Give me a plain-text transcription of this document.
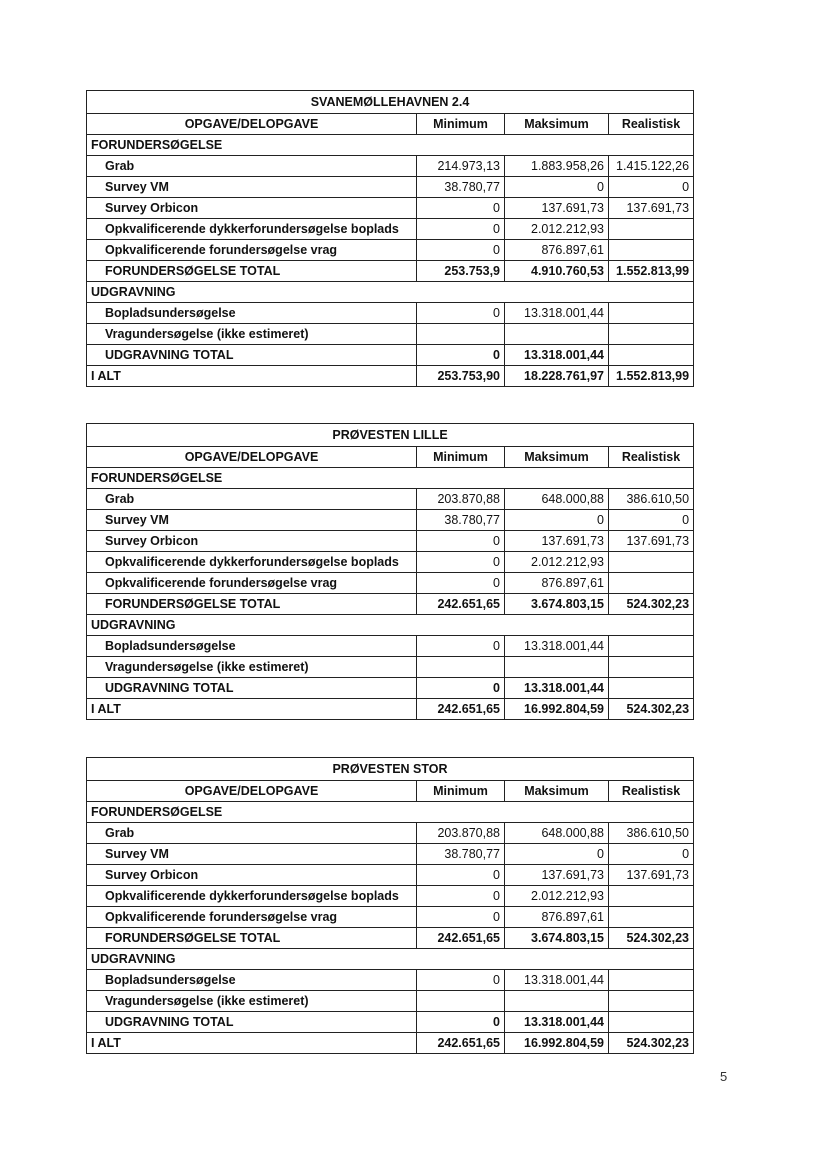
SVANEMØLLEHAVNEN 2.4			
OPGAVE/DELOPGAVE	Minimum	Maksimum	Realistisk
FORUNDERSØGELSE			
Grab	214.973,13	1.883.958,26	1.415.122,26
Survey VM	38.780,77	0	0
Survey Orbicon	0	137.691,73	137.691,73
Opkvalificerende dykkerforundersøgelse boplads	0	2.012.212,93	
Opkvalificerende forundersøgelse vrag	0	876.897,61	
FORUNDERSØGELSE TOTAL	253.753,9	4.910.760,53	1.552.813,99
UDGRAVNING			
Bopladsundersøgelse	0	13.318.001,44	
Vragundersøgelse (ikke estimeret)			
UDGRAVNING TOTAL	0	13.318.001,44	
I ALT	253.753,90	18.228.761,97	1.552.813,99
PRØVESTEN LILLE			
OPGAVE/DELOPGAVE	Minimum	Maksimum	Realistisk
FORUNDERSØGELSE			
Grab	203.870,88	648.000,88	386.610,50
Survey VM	38.780,77	0	0
Survey Orbicon	0	137.691,73	137.691,73
Opkvalificerende dykkerforundersøgelse boplads	0	2.012.212,93	
Opkvalificerende forundersøgelse vrag	0	876.897,61	
FORUNDERSØGELSE TOTAL	242.651,65	3.674.803,15	524.302,23
UDGRAVNING			
Bopladsundersøgelse	0	13.318.001,44	
Vragundersøgelse (ikke estimeret)			
UDGRAVNING TOTAL	0	13.318.001,44	
I ALT	242.651,65	16.992.804,59	524.302,23
PRØVESTEN STOR			
OPGAVE/DELOPGAVE	Minimum	Maksimum	Realistisk
FORUNDERSØGELSE			
Grab	203.870,88	648.000,88	386.610,50
Survey VM	38.780,77	0	0
Survey Orbicon	0	137.691,73	137.691,73
Opkvalificerende dykkerforundersøgelse boplads	0	2.012.212,93	
Opkvalificerende forundersøgelse vrag	0	876.897,61	
FORUNDERSØGELSE TOTAL	242.651,65	3.674.803,15	524.302,23
UDGRAVNING			
Bopladsundersøgelse	0	13.318.001,44	
Vragundersøgelse (ikke estimeret)			
UDGRAVNING TOTAL	0	13.318.001,44	
I ALT	242.651,65	16.992.804,59	524.302,23
5
